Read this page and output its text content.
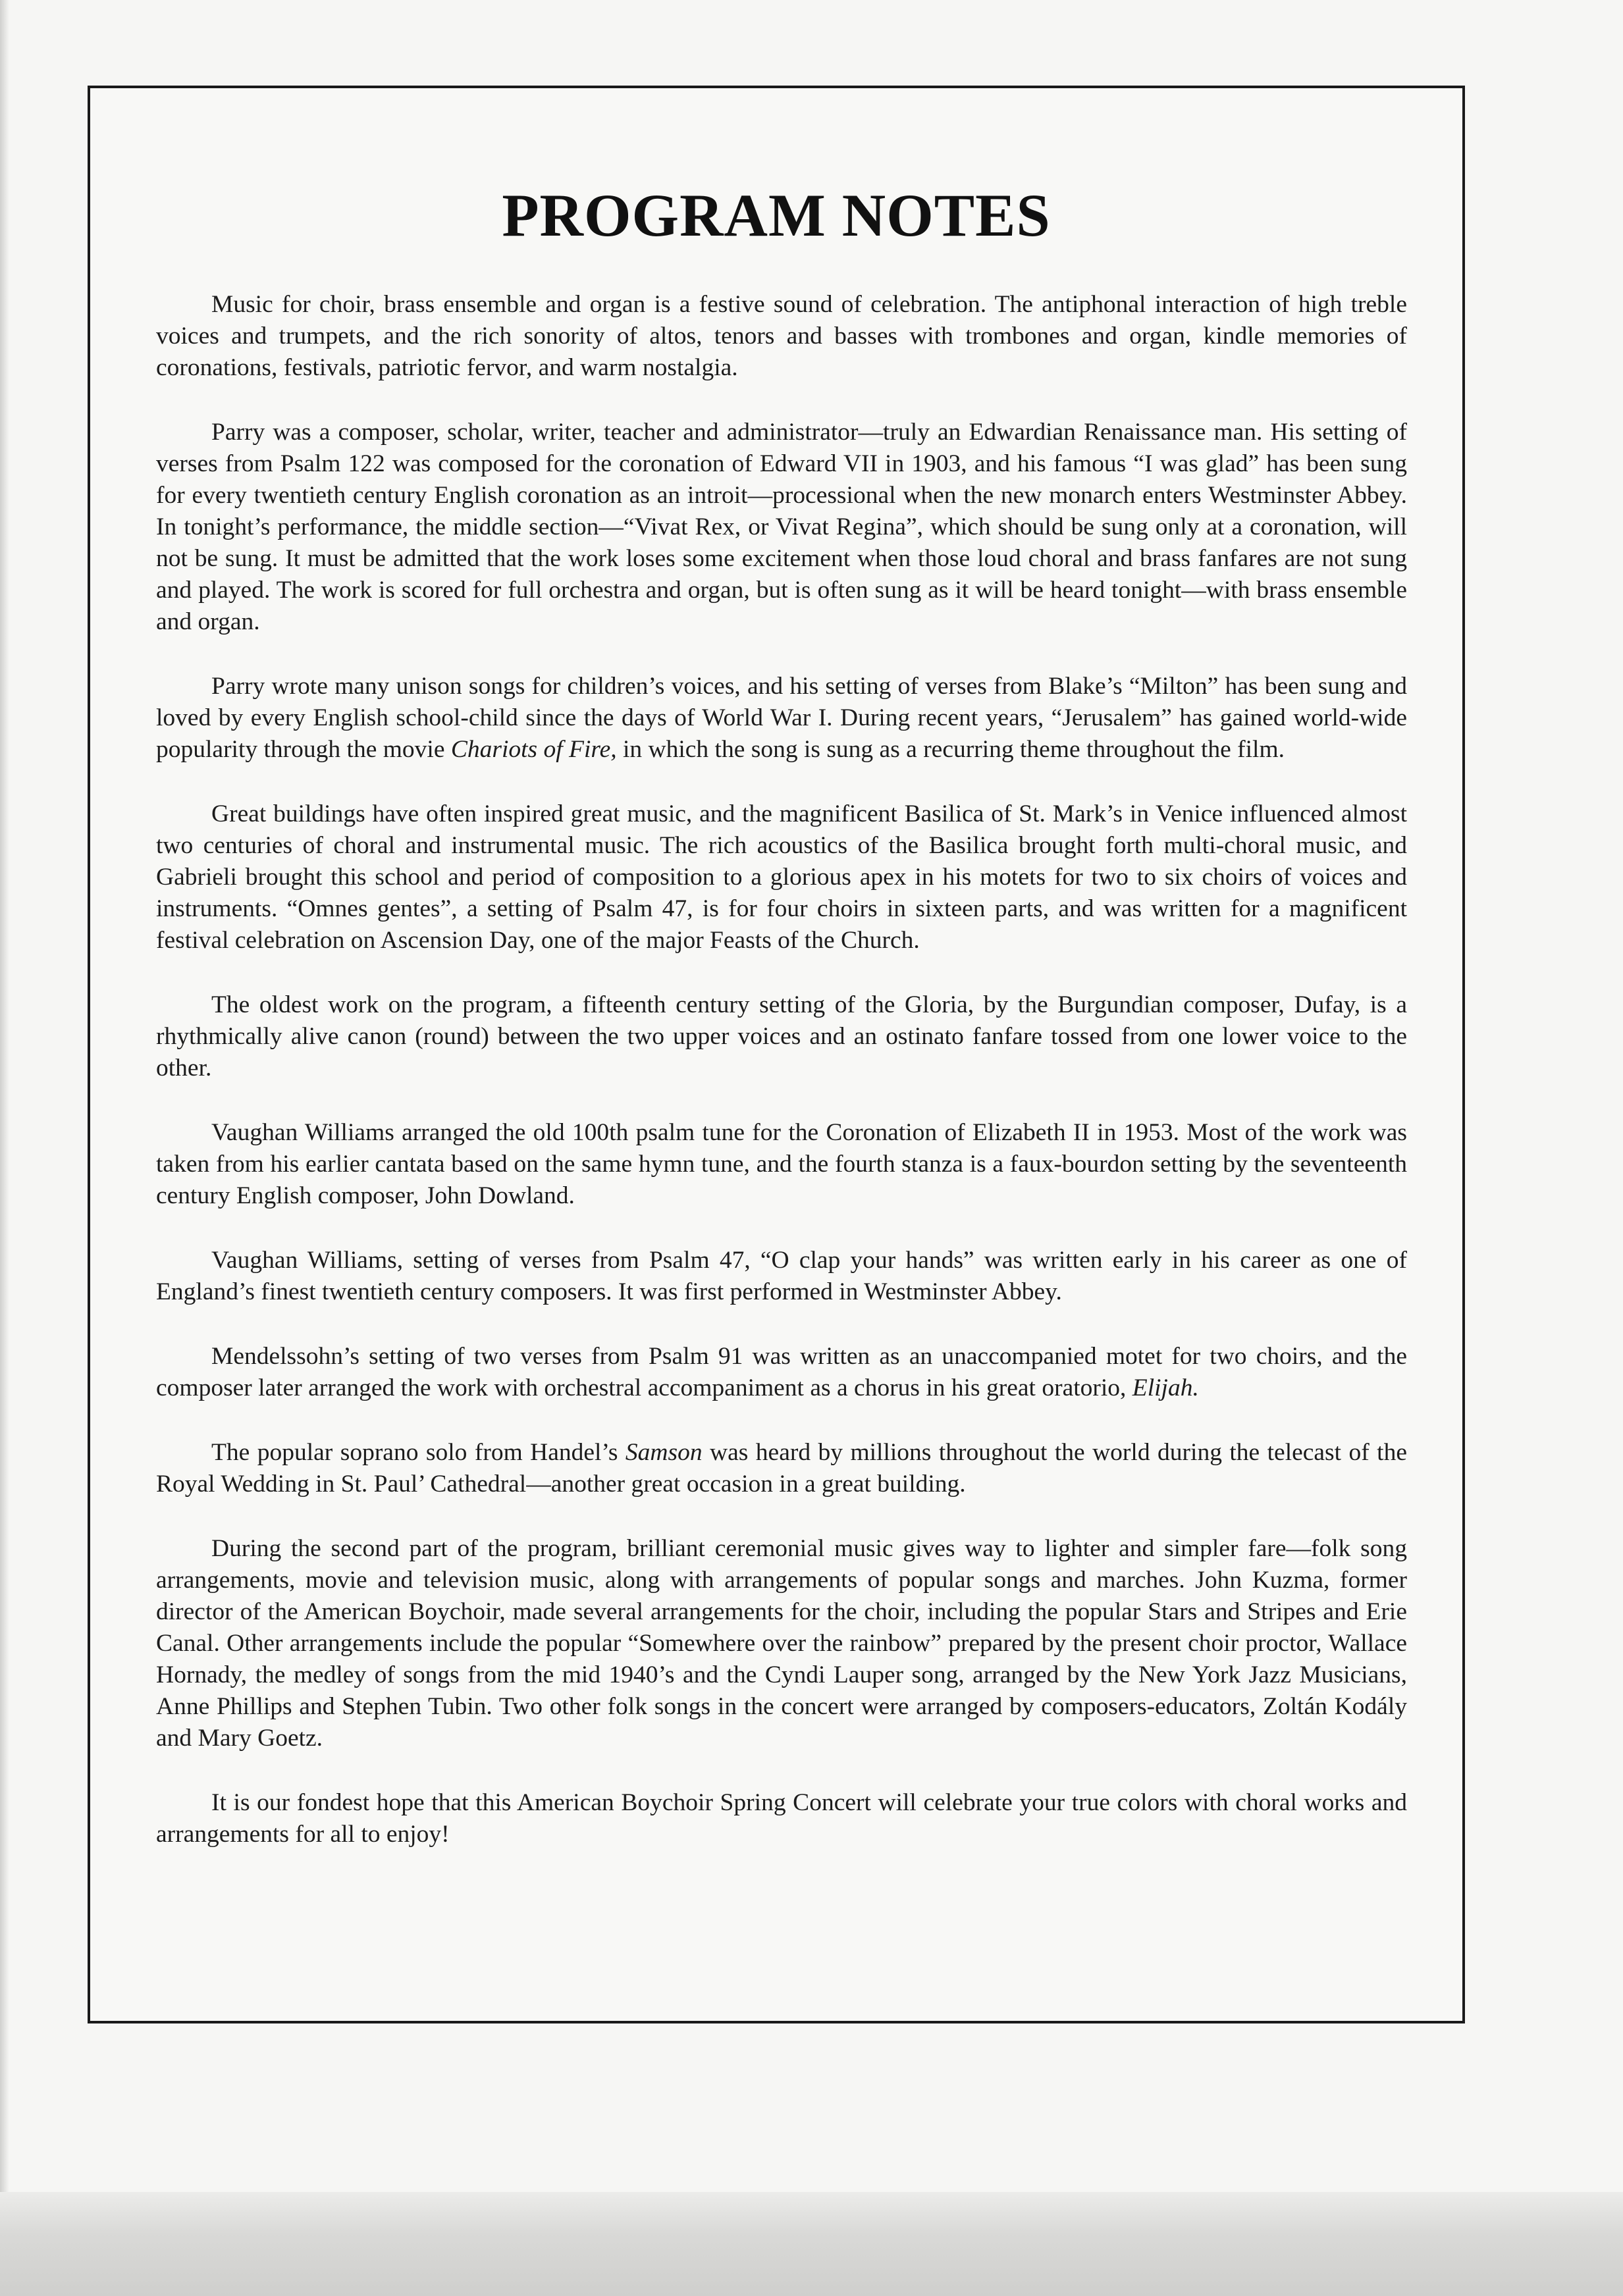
PROGRAM NOTES

Music for choir, brass ensemble and organ is a festive sound of celebration. The antiphonal interaction of high treble voices and trumpets, and the rich sonority of altos, tenors and basses with trombones and organ, kindle memories of coronations, festivals, patriotic fervor, and warm nostalgia.

Parry was a composer, scholar, writer, teacher and administrator—truly an Edwardian Renaissance man. His setting of verses from Psalm 122 was composed for the coronation of Edward VII in 1903, and his famous “I was glad” has been sung for every twentieth century English coronation as an introit—processional when the new monarch enters Westminster Abbey. In tonight’s performance, the middle section—“Vivat Rex, or Vivat Regina”, which should be sung only at a coronation, will not be sung. It must be admitted that the work loses some excitement when those loud choral and brass fanfares are not sung and played. The work is scored for full orchestra and organ, but is often sung as it will be heard tonight—with brass ensemble and organ.

Parry wrote many unison songs for children’s voices, and his setting of verses from Blake’s “Milton” has been sung and loved by every English school-child since the days of World War I. During recent years, “Jerusalem” has gained world-wide popularity through the movie Chariots of Fire, in which the song is sung as a recurring theme throughout the film.

Great buildings have often inspired great music, and the magnificent Basilica of St. Mark’s in Venice influenced almost two centuries of choral and instrumental music. The rich acoustics of the Basilica brought forth multi-choral music, and Gabrieli brought this school and period of composition to a glorious apex in his motets for two to six choirs of voices and instruments. “Omnes gentes”, a setting of Psalm 47, is for four choirs in sixteen parts, and was written for a magnificent festival celebration on Ascension Day, one of the major Feasts of the Church.

The oldest work on the program, a fifteenth century setting of the Gloria, by the Burgundian composer, Dufay, is a rhythmically alive canon (round) between the two upper voices and an ostinato fanfare tossed from one lower voice to the other.

Vaughan Williams arranged the old 100th psalm tune for the Coronation of Elizabeth II in 1953. Most of the work was taken from his earlier cantata based on the same hymn tune, and the fourth stanza is a faux-bourdon setting by the seventeenth century English composer, John Dowland.

Vaughan Williams, setting of verses from Psalm 47, “O clap your hands” was written early in his career as one of England’s finest twentieth century composers. It was first performed in Westminster Abbey.

Mendelssohn’s setting of two verses from Psalm 91 was written as an unaccompanied motet for two choirs, and the composer later arranged the work with orchestral accompaniment as a chorus in his great oratorio, Elijah.

The popular soprano solo from Handel’s Samson was heard by millions throughout the world during the telecast of the Royal Wedding in St. Paul’ Cathedral—another great occasion in a great building.

During the second part of the program, brilliant ceremonial music gives way to lighter and simpler fare—folk song arrangements, movie and television music, along with arrangements of popular songs and marches. John Kuzma, former director of the American Boychoir, made several arrangements for the choir, including the popular Stars and Stripes and Erie Canal. Other arrangements include the popular “Somewhere over the rainbow” prepared by the present choir proctor, Wallace Hornady, the medley of songs from the mid 1940’s and the Cyndi Lauper song, arranged by the New York Jazz Musicians, Anne Phillips and Stephen Tubin. Two other folk songs in the concert were arranged by composers-educators, Zoltán Kodály and Mary Goetz.

It is our fondest hope that this American Boychoir Spring Concert will celebrate your true colors with choral works and arrangements for all to enjoy!
